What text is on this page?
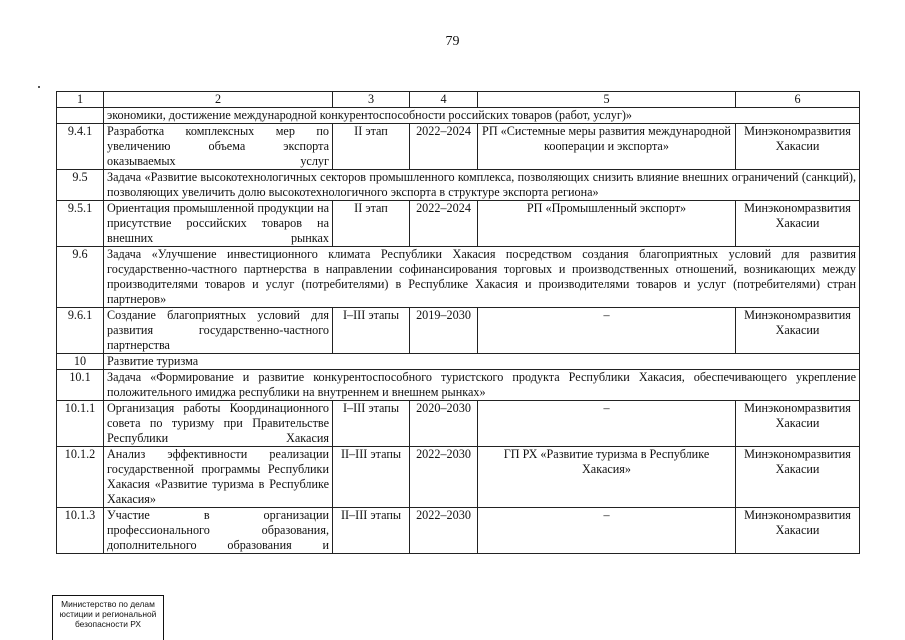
79
1	2	3	4	5	6
	экономики, достижение международной конкурентоспособности российских товаров (работ, услуг)»				
9.4.1	Разработка комплексных мер по увеличению объема экспорта оказываемых услуг	II этап	2022–2024	РП «Системные меры развития международной кооперации и экспорта»	Минэкономразвития Хакасии
9.5	Задача «Развитие высокотехнологичных секторов промышленного комплекса, позволяющих снизить влияние внешних ограничений (санкций), позволяющих увеличить долю высокотехнологичного экспорта в структуре экспорта региона»				
9.5.1	Ориентация промышленной продукции на присутствие российских товаров на внешних рынках	II этап	2022–2024	РП «Промышленный экспорт»	Минэкономразвития Хакасии
9.6	Задача «Улучшение инвестиционного климата Республики Хакасия посредством создания благоприятных условий для развития государственно-частного партнерства в направлении софинансирования торговых и производственных отношений, возникающих между производителями товаров и услуг (потребителями) в Республике Хакасия и производителями товаров и услуг (потребителями) стран партнеров»				
9.6.1	Создание благоприятных условий для развития государственно-частного партнерства	I–III этапы	2019–2030	–	Минэкономразвития Хакасии
10	Развитие туризма				
10.1	Задача «Формирование и развитие конкурентоспособного туристского продукта Республики Хакасия, обеспечивающего укрепление положительного имиджа республики на внутреннем и внешнем рынках»				
10.1.1	Организация работы Координационного совета по туризму при Правительстве Республики Хакасия	I–III этапы	2020–2030	–	Минэкономразвития Хакасии
10.1.2	Анализ эффективности реализации государственной программы Республики Хакасия «Развитие туризма в Республике Хакасия»	II–III этапы	2022–2030	ГП РХ «Развитие туризма в Республике Хакасия»	Минэкономразвития Хакасии
10.1.3	Участие в организации профессионального образования, дополнительного образования и	II–III этапы	2022–2030	–	Минэкономразвития Хакасии
Министерство по делам
юстиции и региональной
безопасности РХ
